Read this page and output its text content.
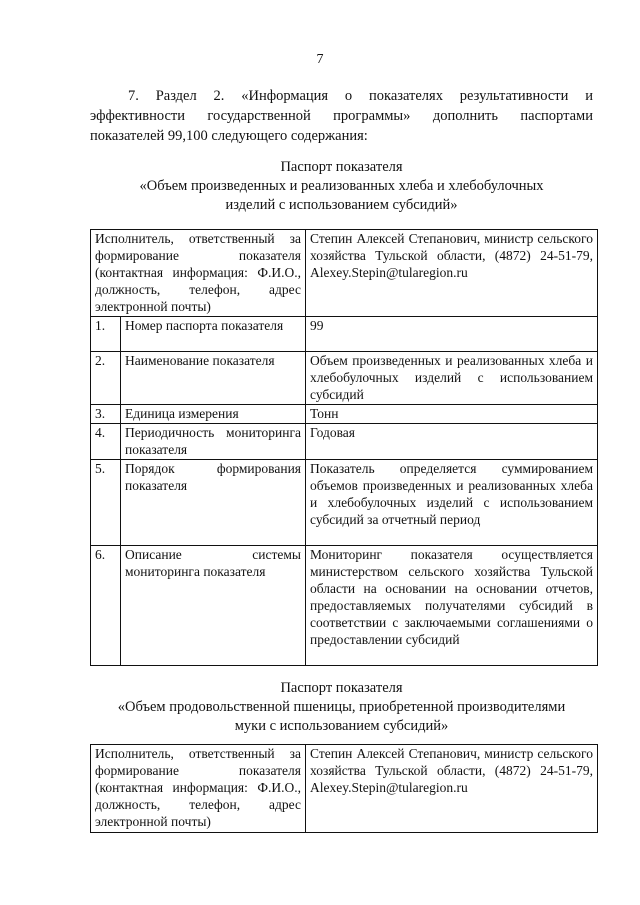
7
7. Раздел 2. «Информация о показателях результативности и эффективности государственной программы» дополнить паспортами показателей 99,100 следующего содержания:
Паспорт показателя
«Объем произведенных и реализованных хлеба и хлебобулочных изделий с использованием субсидий»
Исполнитель, ответственный за формирование показателя (контактная информация: Ф.И.О., должность, телефон, адрес электронной почты)		Степин Алексей Степанович, министр сельского хозяйства Тульской области, (4872) 24-51-79, Alexey.Stepin@tularegion.ru
1.	Номер паспорта показателя	99
2.	Наименование показателя	Объем произведенных и реализованных хлеба и хлебобулочных изделий с использованием субсидий
3.	Единица измерения	Тонн
4.	Периодичность мониторинга показателя	Годовая
5.	Порядок формирования показателя	Показатель определяется суммированием объемов произведенных и реализованных хлеба и хлебобулочных изделий с использованием субсидий за отчетный период
6.	Описание системы мониторинга показателя	Мониторинг показателя осуществляется министерством сельского хозяйства Тульской области на основании на основании отчетов, предоставляемых получателями субсидий в соответствии с заключаемыми соглашениями о предоставлении субсидий
Паспорт показателя
«Объем продовольственной пшеницы, приобретенной производителями муки с использованием субсидий»
Исполнитель, ответственный за формирование показателя (контактная информация: Ф.И.О., должность, телефон, адрес электронной почты)	Степин Алексей Степанович, министр сельского хозяйства Тульской области, (4872) 24-51-79, Alexey.Stepin@tularegion.ru
